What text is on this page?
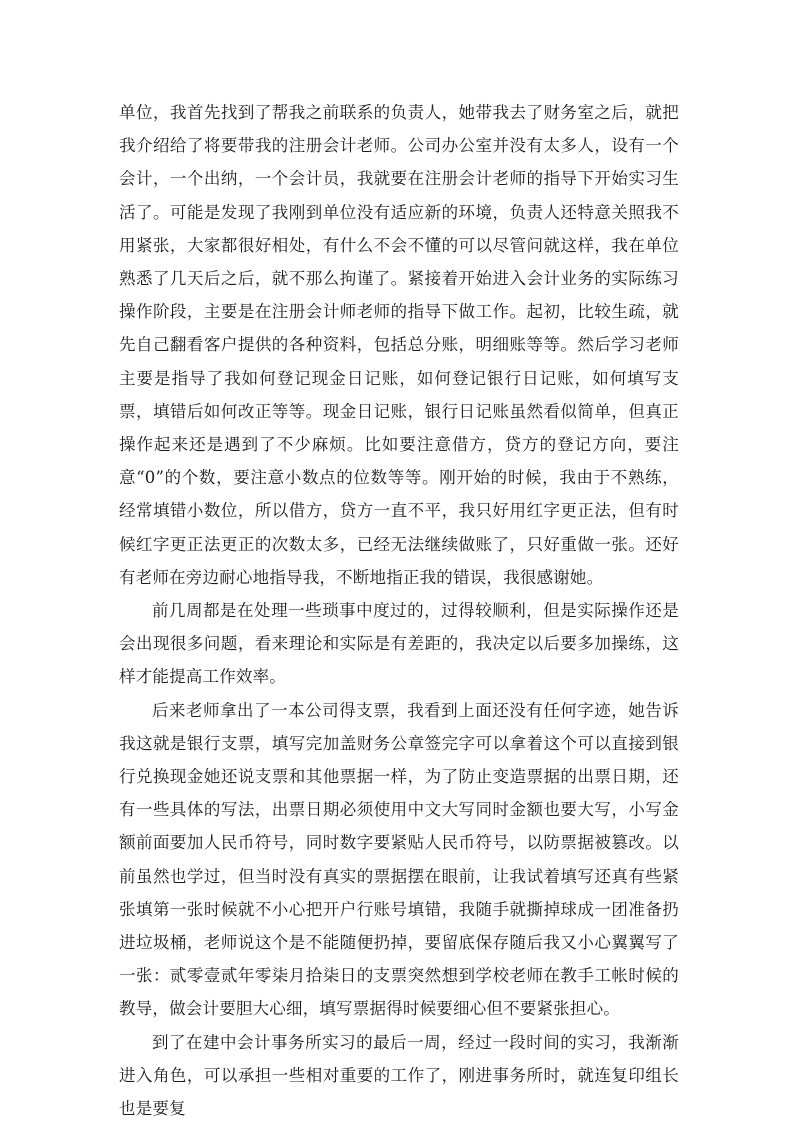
单位，我首先找到了帮我之前联系的负责人，她带我去了财务室之后，就把我介绍给了将要带我的注册会计老师。公司办公室并没有太多人，设有一个会计，一个出纳，一个会计员，我就要在注册会计老师的指导下开始实习生活了。可能是发现了我刚到单位没有适应新的环境，负责人还特意关照我不用紧张，大家都很好相处，有什么不会不懂的可以尽管问就这样，我在单位熟悉了几天后之后，就不那么拘谨了。紧接着开始进入会计业务的实际练习操作阶段，主要是在注册会计师老师的指导下做工作。起初，比较生疏，就先自己翻看客户提供的各种资料，包括总分账，明细账等等。然后学习老师主要是指导了我如何登记现金日记账，如何登记银行日记账，如何填写支票，填错后如何改正等等。现金日记账，银行日记账虽然看似简单，但真正操作起来还是遇到了不少麻烦。比如要注意借方，贷方的登记方向，要注意“0”的个数，要注意小数点的位数等等。刚开始的时候，我由于不熟练，经常填错小数位，所以借方，贷方一直不平，我只好用红字更正法，但有时候红字更正法更正的次数太多，已经无法继续做账了，只好重做一张。还好有老师在旁边耐心地指导我，不断地指正我的错误，我很感谢她。

前几周都是在处理一些琐事中度过的，过得较顺利，但是实际操作还是会出现很多问题，看来理论和实际是有差距的，我决定以后要多加操练，这样才能提高工作效率。

后来老师拿出了一本公司得支票，我看到上面还没有任何字迹，她告诉我这就是银行支票，填写完加盖财务公章签完字可以拿着这个可以直接到银行兑换现金她还说支票和其他票据一样，为了防止变造票据的出票日期，还有一些具体的写法，出票日期必须使用中文大写同时金额也要大写，小写金额前面要加人民币符号，同时数字要紧贴人民币符号，以防票据被篡改。以前虽然也学过，但当时没有真实的票据摆在眼前，让我试着填写还真有些紧张填第一张时候就不小心把开户行账号填错，我随手就撕掉球成一团准备扔进垃圾桶，老师说这个是不能随便扔掉，要留底保存随后我又小心翼翼写了一张：贰零壹贰年零柒月拾柒日的支票突然想到学校老师在教手工帐时候的教导，做会计要胆大心细，填写票据得时候要细心但不要紧张担心。

到了在建中会计事务所实习的最后一周，经过一段时间的实习，我渐渐进入角色，可以承担一些相对重要的工作了，刚进事务所时，就连复印组长也是要复
